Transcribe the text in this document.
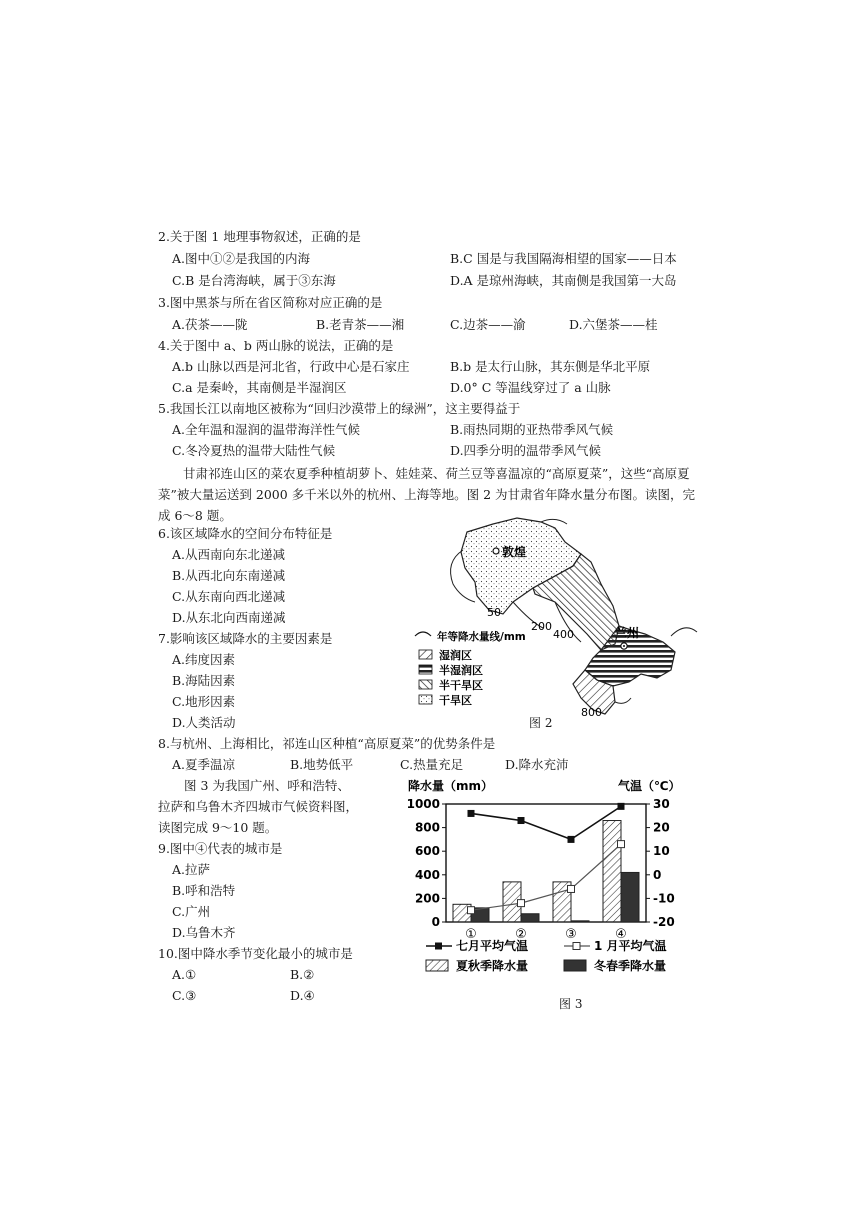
2.关于图 1 地理事物叙述，正确的是
A.图中①②是我国的内海	B.C 国是与我国隔海相望的国家——日本
C.B 是台湾海峡，属于③东海	D.A 是琼州海峡，其南侧是我国第一大岛
3.图中黑茶与所在省区简称对应正确的是
A.茯茶——陇	B.老青茶——湘	C.边茶——渝	D.六堡茶——桂
4.关于图中 a、b 两山脉的说法，正确的是
A.b 山脉以西是河北省，行政中心是石家庄	B.b 是太行山脉，其东侧是华北平原
C.a 是秦岭，其南侧是半湿润区	D.0° C 等温线穿过了 a 山脉
5.我国长江以南地区被称为“回归沙漠带上的绿洲”，这主要得益于
A.全年温和湿润的温带海洋性气候	B.雨热同期的亚热带季风气候
C.冬冷夏热的温带大陆性气候	D.四季分明的温带季风气候
甘肃祁连山区的菜农夏季种植胡萝卜、娃娃菜、荷兰豆等喜温凉的“高原夏菜”，这些“高原夏菜”被大量运送到 2000 多千米以外的杭州、上海等地。图 2 为甘肃省年降水量分布图。读图，完成 6～8 题。
6.该区域降水的空间分布特征是
A.从西南向东北递减
B.从西北向东南递减
C.从东南向西北递减
D.从东北向西南递减
7.影响该区域降水的主要因素是
A.纬度因素
B.海陆因素
C.地形因素
D.人类活动
8.与杭州、上海相比，祁连山区种植“高原夏菜”的优势条件是
A.夏季温凉	B.地势低平	C.热量充足	D.降水充沛
图 3 为我国广州、呼和浩特、
拉萨和乌鲁木齐四城市气候资料图，
读图完成 9～10 题。
9.图中④代表的城市是
A.拉萨
B.呼和浩特
C.广州
D.乌鲁木齐
10.图中降水季节变化最小的城市是
A.①	B.②
C.③	D.④
敦煌
兰州
50
200
400
800
年等降水量线/mm
湿润区
半湿润区
半干旱区
干旱区
图 2
降水量（mm）	气温（℃）
1000
800
600
400
200
0
30
20
10
0
-10
-20
①	②	③	④
七月平均气温	1 月平均气温
夏秋季降水量	冬春季降水量
图 3
